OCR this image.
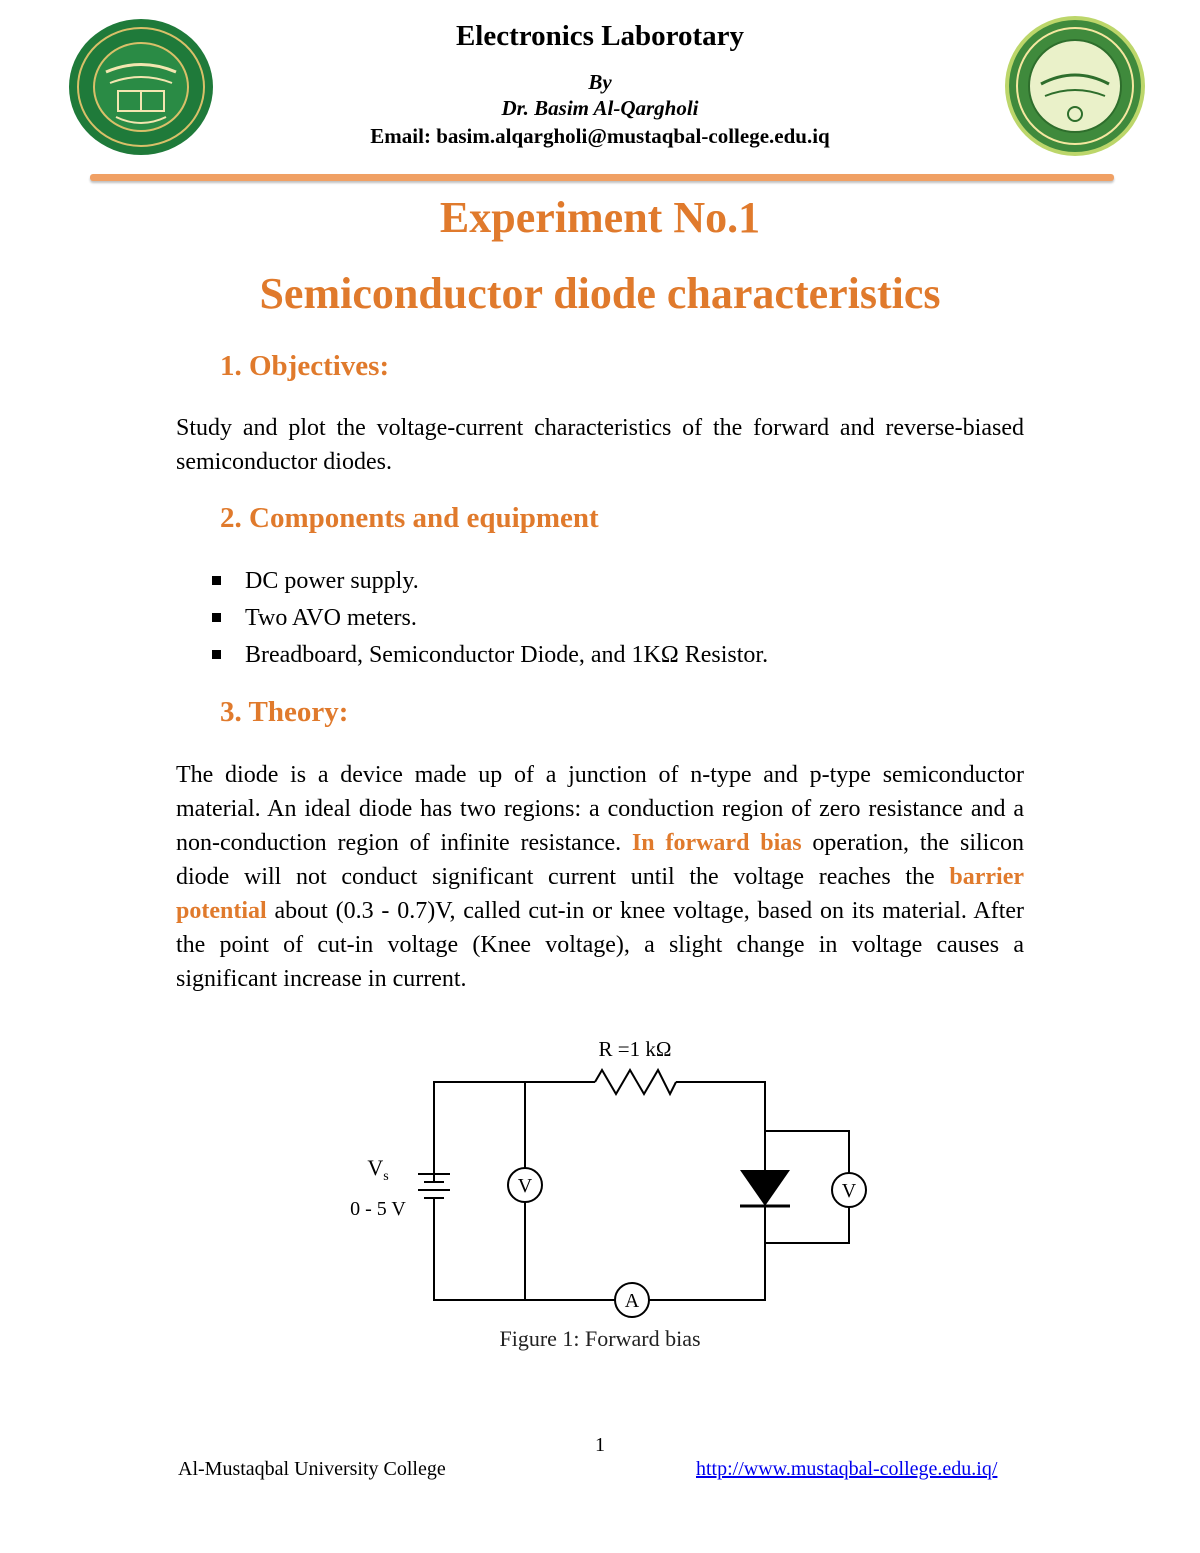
Electronics Laborotary
By
Dr. Basim Al-Qargholi
Email: basim.alqargholi@mustaqbal-college.edu.iq
Experiment No.1
Semiconductor diode characteristics
1. Objectives:
Study and plot the voltage-current characteristics of the forward and reverse-biased semiconductor diodes.
2. Components and equipment
DC power supply.
Two AVO meters.
Breadboard, Semiconductor Diode, and 1KΩ Resistor.
3. Theory:
The diode is a device made up of a junction of n-type and p-type semiconductor material. An ideal diode has two regions: a conduction region of zero resistance and a non-conduction region of infinite resistance. In forward bias operation, the silicon diode will not conduct significant current until the voltage reaches the barrier potential about (0.3 - 0.7)V, called cut-in or knee voltage, based on its material. After the point of cut-in voltage (Knee voltage), a slight change in voltage causes a significant increase in current.
R =1 kΩ
$V_s$
0 - 5 V
V	V
A
Figure 1: Forward bias
1
Al-Mustaqbal University College	http://www.mustaqbal-college.edu.iq/
